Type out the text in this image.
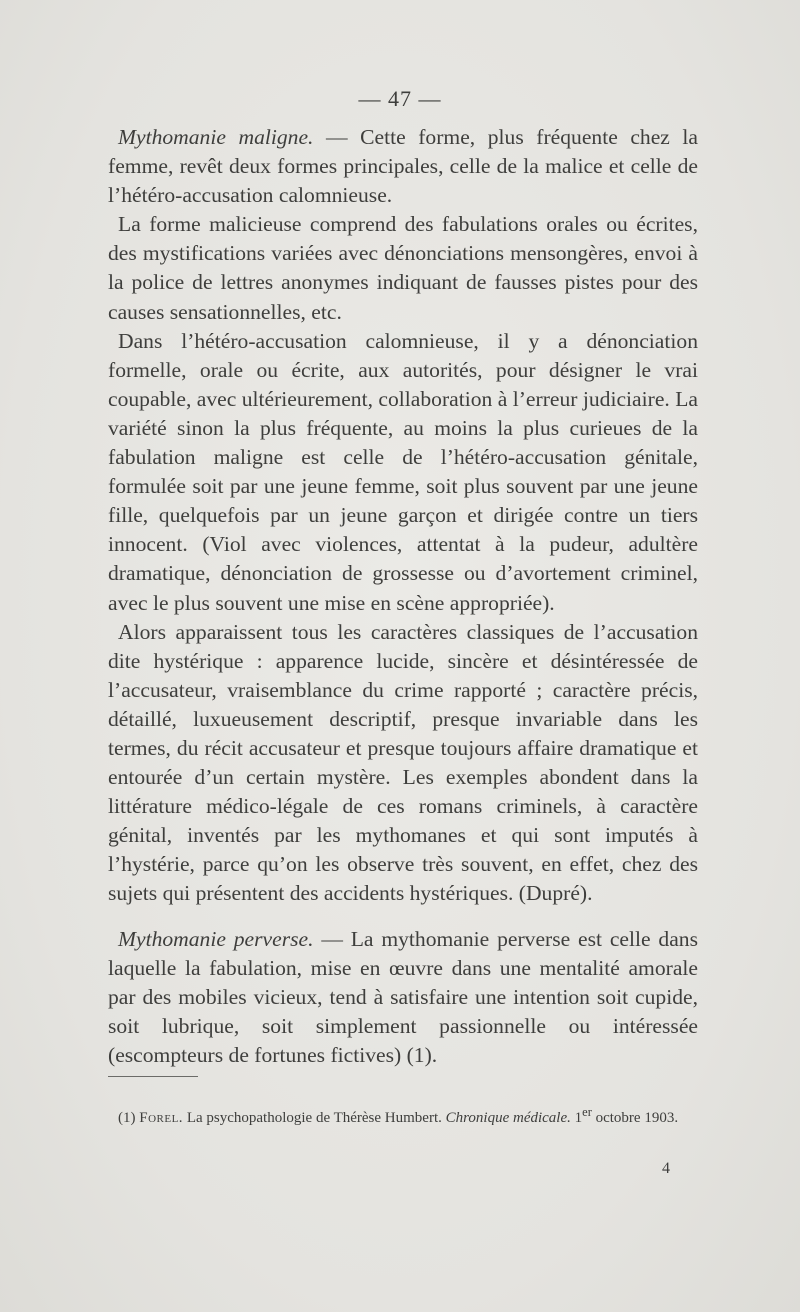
— 47 —

Mythomanie maligne. — Cette forme, plus fréquente chez la femme, revêt deux formes principales, celle de la malice et celle de l’hétéro-accusation calomnieuse.

La forme malicieuse comprend des fabulations orales ou écrites, des mystifications variées avec dénonciations mensongères, envoi à la police de lettres anonymes indiquant de fausses pistes pour des causes sensationnelles, etc.

Dans l’hétéro-accusation calomnieuse, il y a dénonciation formelle, orale ou écrite, aux autorités, pour désigner le vrai coupable, avec ultérieurement, collaboration à l’erreur judiciaire. La variété sinon la plus fréquente, au moins la plus curieues de la fabulation maligne est celle de l’hétéro-accusation génitale, formulée soit par une jeune femme, soit plus souvent par une jeune fille, quelquefois par un jeune garçon et dirigée contre un tiers innocent. (Viol avec violences, attentat à la pudeur, adultère dramatique, dénonciation de grossesse ou d’avortement criminel, avec le plus souvent une mise en scène appropriée).

Alors apparaissent tous les caractères classiques de l’accusation dite hystérique : apparence lucide, sincère et désintéressée de l’accusateur, vraisemblance du crime rapporté ; caractère précis, détaillé, luxueusement descriptif, presque invariable dans les termes, du récit accusateur et presque toujours affaire dramatique et entourée d’un certain mystère. Les exemples abondent dans la littérature médico-légale de ces romans criminels, à caractère génital, inventés par les mythomanes et qui sont imputés à l’hystérie, parce qu’on les observe très souvent, en effet, chez des sujets qui présentent des accidents hystériques. (Dupré).

Mythomanie perverse. — La mythomanie perverse est celle dans laquelle la fabulation, mise en œuvre dans une mentalité amorale par des mobiles vicieux, tend à satisfaire une intention soit cupide, soit lubrique, soit simplement passionnelle ou intéressée (escompteurs de fortunes fictives) (1).

(1) Forel. La psychopathologie de Thérèse Humbert. Chronique médicale. 1er octobre 1903.

4
